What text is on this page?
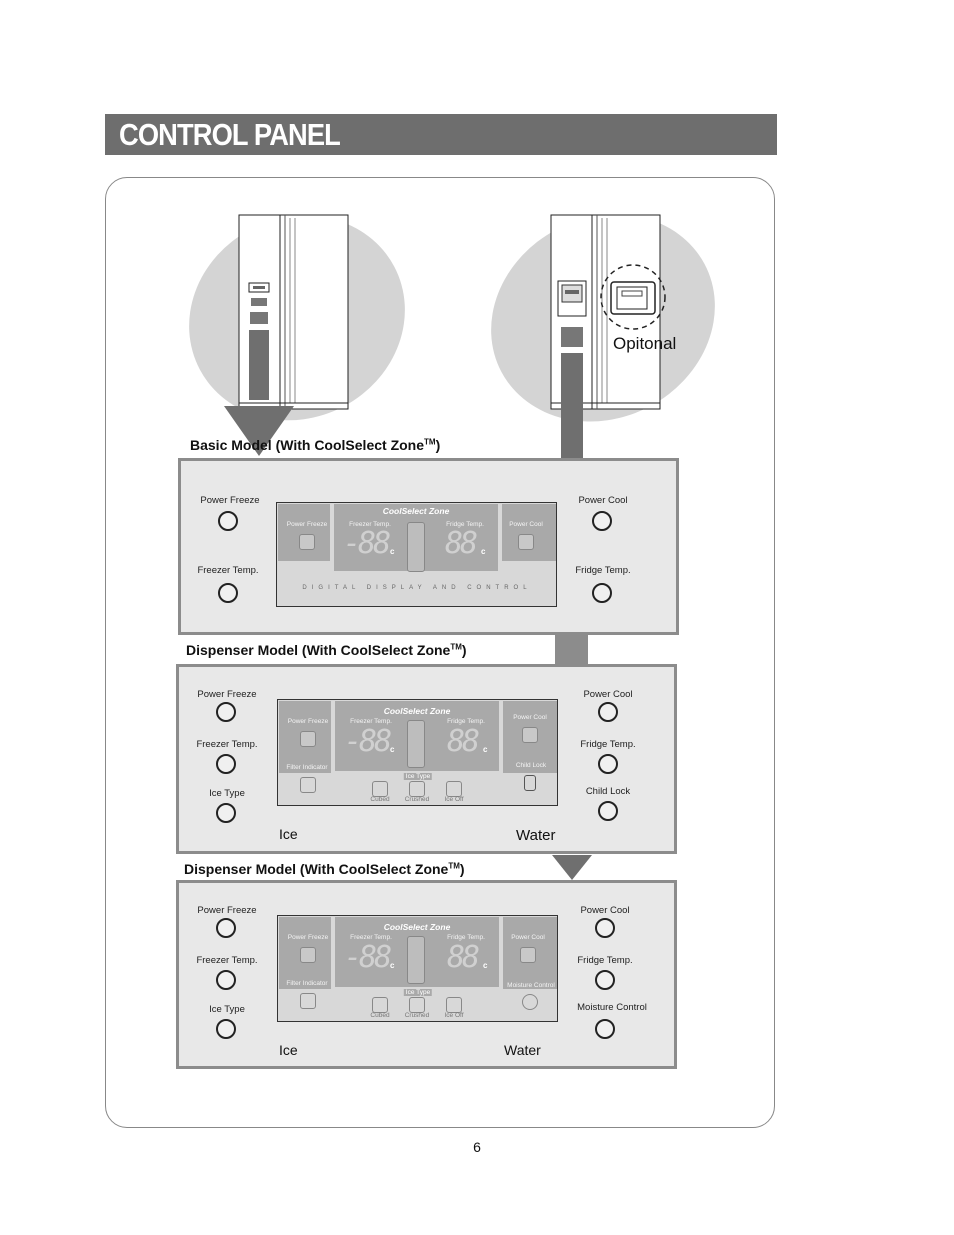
CONTROL PANEL
Opitonal
Basic Model (With CoolSelect Zone™)
Power Freeze
Freezer Temp.
Power Cool
Fridge Temp.
CoolSelect Zone
Power Freeze	Freezer Temp.	Fridge Temp.	Power Cool
-88 c 88 c
DIGITAL DISPLAY AND CONTROL
Dispenser Model (With CoolSelect Zone™)
Power Freeze
Freezer Temp.
Ice Type
Power Cool
Fridge Temp.
Child Lock
CoolSelect Zone
Power Freeze	Freezer Temp.	Fridge Temp.
Power Cool
-88 c 88 c
Filter Indicator	Child Lock
Ice Type
Cubed Crushed Ice Off
Ice	Water
Dispenser Model (With CoolSelect Zone™)
Power Freeze
Freezer Temp.
Ice Type
Power Cool
Fridge Temp.
Moisture Control
CoolSelect Zone
Power Freeze	Freezer Temp.	Fridge Temp.	Power Cool
-88 c 88 c
Filter Indicator	Moisture Control
Ice Type
Cubed Crushed Ice Off
Ice	Water
6
